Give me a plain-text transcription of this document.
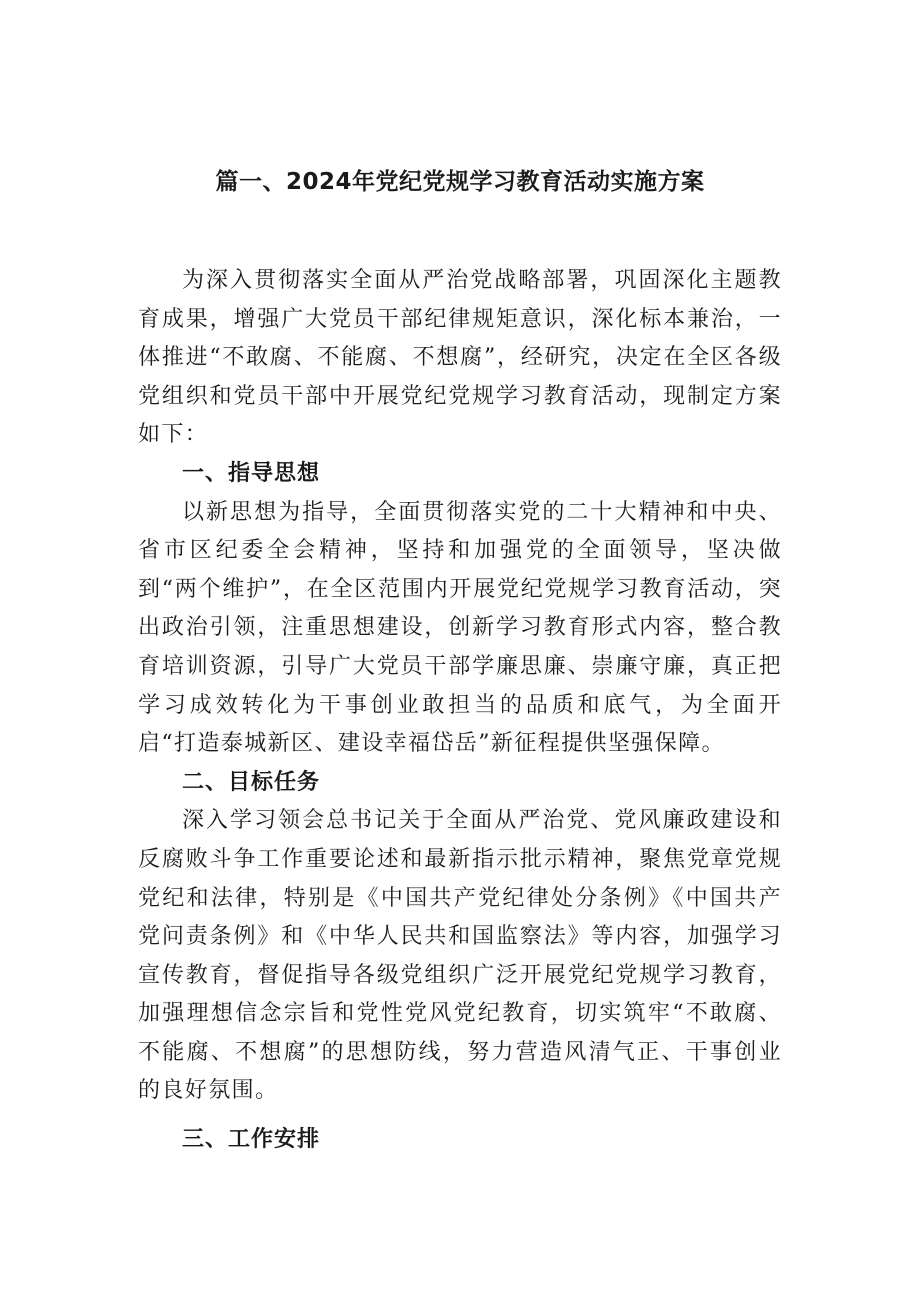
篇一、2024年党纪党规学习教育活动实施方案

为深入贯彻落实全面从严治党战略部署，巩固深化主题教育成果，增强广大党员干部纪律规矩意识，深化标本兼治，一体推进“不敢腐、不能腐、不想腐”，经研究，决定在全区各级党组织和党员干部中开展党纪党规学习教育活动，现制定方案如下：

一、指导思想

以新思想为指导，全面贯彻落实党的二十大精神和中央、省市区纪委全会精神，坚持和加强党的全面领导，坚决做到“两个维护”，在全区范围内开展党纪党规学习教育活动，突出政治引领，注重思想建设，创新学习教育形式内容，整合教育培训资源，引导广大党员干部学廉思廉、崇廉守廉，真正把学习成效转化为干事创业敢担当的品质和底气，为全面开启“打造泰城新区、建设幸福岱岳”新征程提供坚强保障。

二、目标任务

深入学习领会总书记关于全面从严治党、党风廉政建设和反腐败斗争工作重要论述和最新指示批示精神，聚焦党章党规党纪和法律，特别是《中国共产党纪律处分条例》《中国共产党问责条例》和《中华人民共和国监察法》等内容，加强学习宣传教育，督促指导各级党组织广泛开展党纪党规学习教育，加强理想信念宗旨和党性党风党纪教育，切实筑牢“不敢腐、不能腐、不想腐”的思想防线，努力营造风清气正、干事创业的良好氛围。

三、工作安排
